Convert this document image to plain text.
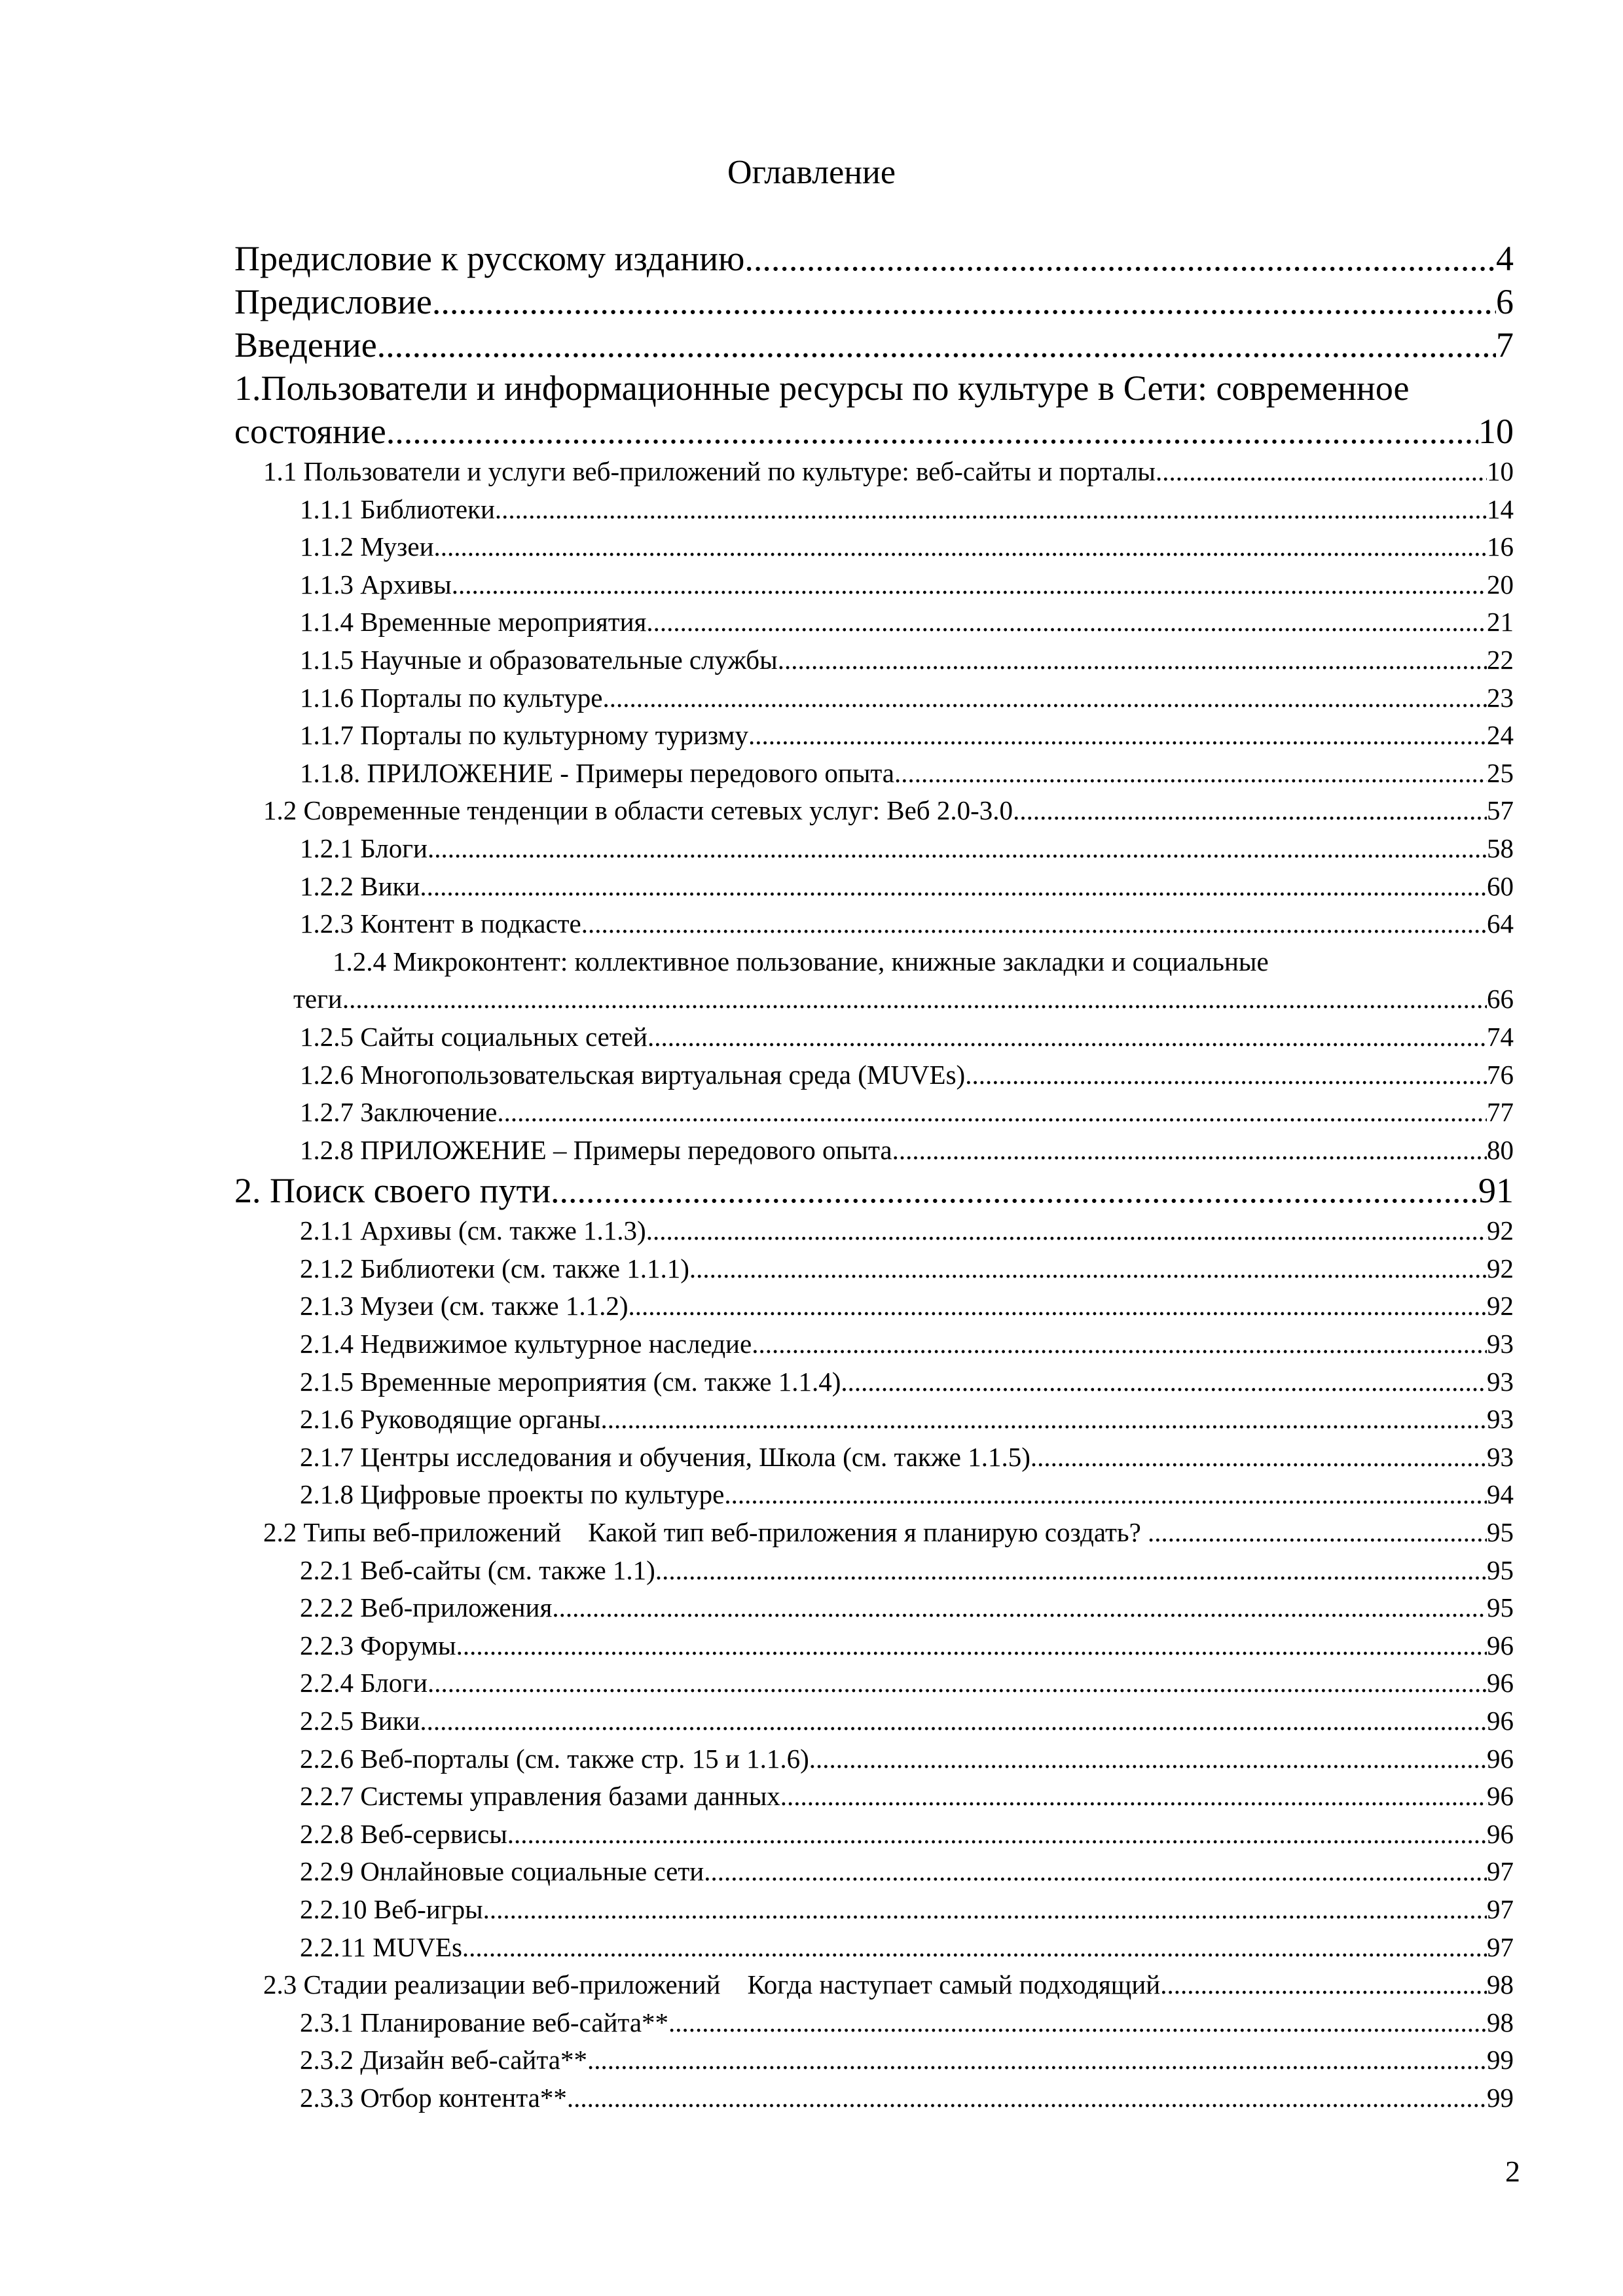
Оглавление
Предисловие к русскому изданию .....	4
Предисловие .....	6
Введение .....	7
1.Пользователи и информационные ресурсы по культуре в Сети: современное
состояние .....	10
1.1 Пользователи и услуги веб-приложений по культуре: веб-сайты и порталы .....	10
1.1.1 Библиотеки .....	14
1.1.2 Музеи .....	16
1.1.3 Архивы .....	20
1.1.4 Временные мероприятия .....	21
1.1.5 Научные и образовательные службы .....	22
1.1.6 Порталы по культуре .....	23
1.1.7 Порталы по культурному туризму .....	24
1.1.8. ПРИЛОЖЕНИЕ - Примеры передового опыта .....	25
1.2 Современные тенденции в области сетевых услуг: Веб 2.0-3.0 .....	57
1.2.1 Блоги .....	58
1.2.2 Вики .....	60
1.2.3 Контент в подкасте .....	64
1.2.4 Микроконтент: коллективное пользование, книжные закладки и социальные
теги .....	66
1.2.5 Сайты социальных сетей .....	74
1.2.6 Многопользовательская виртуальная среда (MUVEs) .....	76
1.2.7 Заключение .....	77
1.2.8 ПРИЛОЖЕНИЕ – Примеры передового опыта .....	80
2. Поиск своего пути .....	91
2.1.1 Архивы (см. также 1.1.3) .....	92
2.1.2 Библиотеки (см. также 1.1.1) .....	92
2.1.3 Музеи (см. также 1.1.2) .....	92
2.1.4 Недвижимое культурное наследие .....	93
2.1.5 Временные мероприятия (см. также 1.1.4) .....	93
2.1.6 Руководящие органы .....	93
2.1.7 Центры исследования и обучения, Школа (см. также 1.1.5) .....	93
2.1.8 Цифровые проекты по культуре .....	94
2.2 Типы веб-приложений    Какой тип веб-приложения я планирую создать? .....	95
2.2.1 Веб-сайты (см. также 1.1) .....	95
2.2.2 Веб-приложения .....	95
2.2.3 Форумы .....	96
2.2.4 Блоги .....	96
2.2.5 Вики .....	96
2.2.6 Веб-порталы (см. также стр. 15 и 1.1.6) .....	96
2.2.7 Системы управления базами данных .....	96
2.2.8 Веб-сервисы .....	96
2.2.9 Онлайновые социальные сети .....	97
2.2.10 Веб-игры .....	97
2.2.11 MUVEs .....	97
2.3 Стадии реализации веб-приложений    Когда наступает самый подходящий .....	98
2.3.1 Планирование веб-сайта** .....	98
2.3.2 Дизайн веб-сайта** .....	99
2.3.3 Отбор контента** .....	99
2
